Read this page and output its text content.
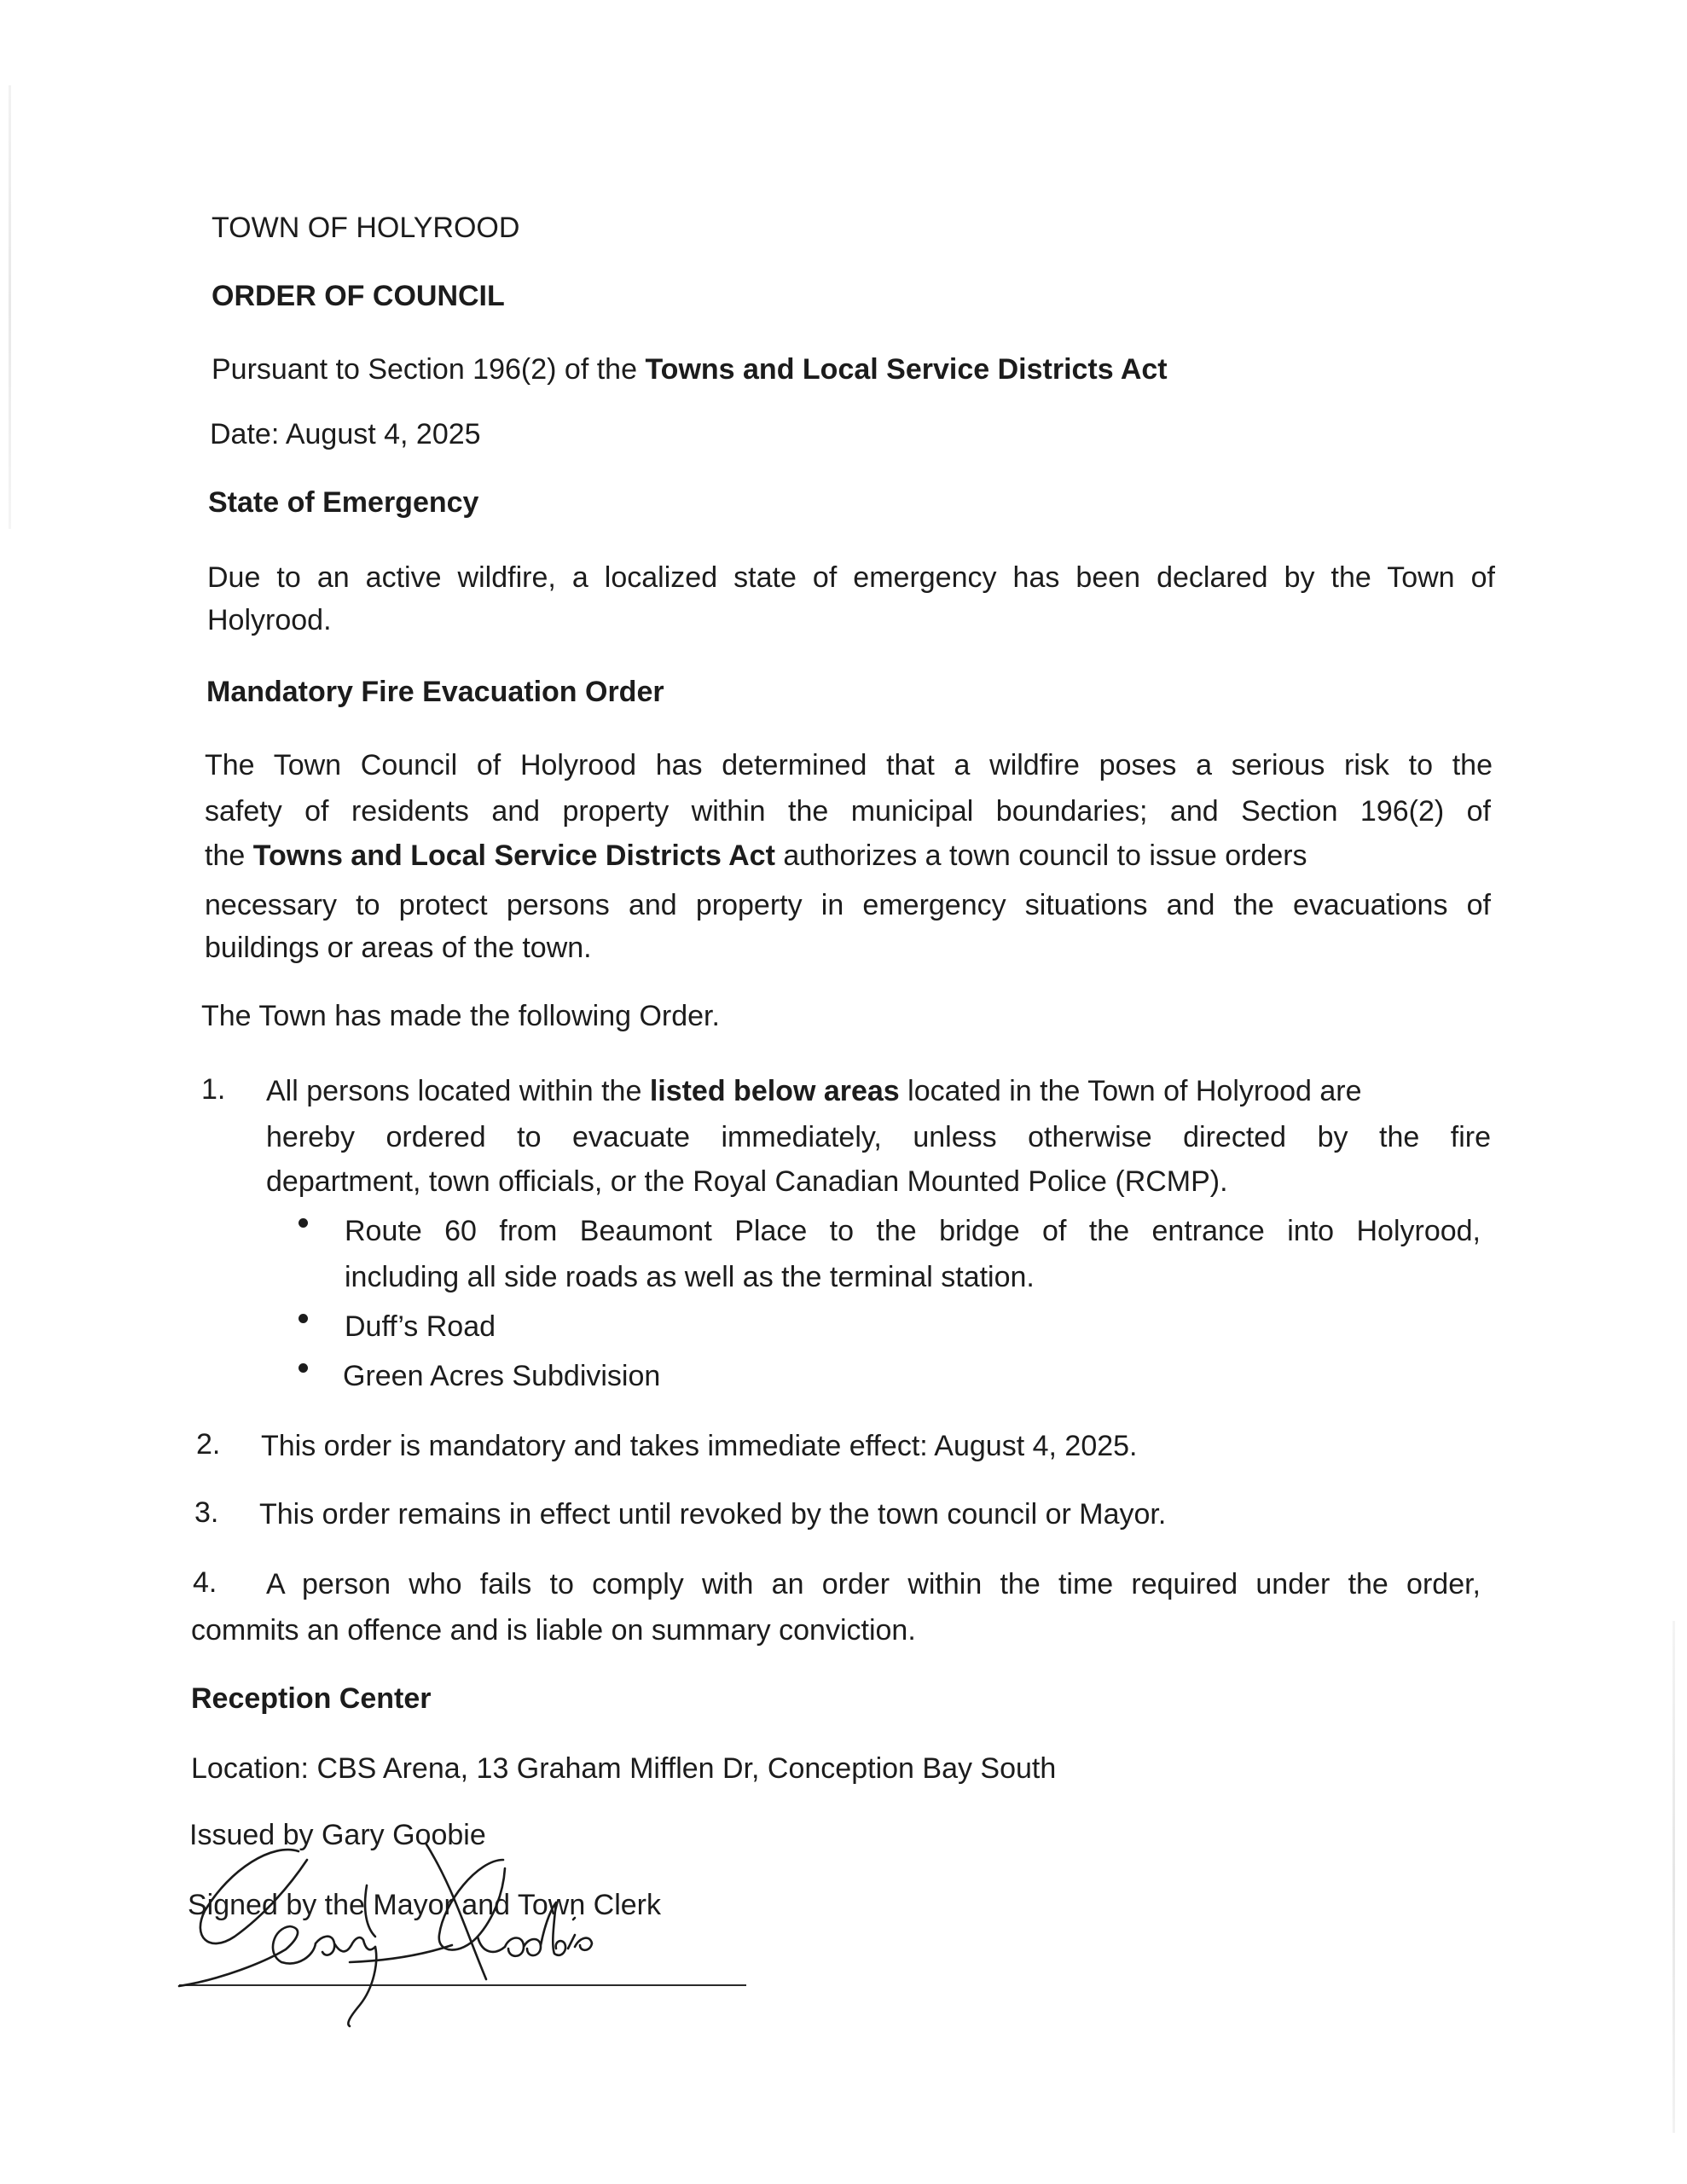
TOWN OF HOLYROOD

ORDER OF COUNCIL

Pursuant to Section 196(2) of the Towns and Local Service Districts Act

Date: August 4, 2025

State of Emergency

Due to an active wildfire, a localized state of emergency has been declared by the Town of

Holyrood.

Mandatory Fire Evacuation Order

The Town Council of Holyrood has determined that a wildfire poses a serious risk to the

safety of residents and property within the municipal boundaries; and Section 196(2) of

the Towns and Local Service Districts Act authorizes a town council to issue orders

necessary to protect persons and property in emergency situations and the evacuations of

buildings or areas of the town.

The Town has made the following Order.

1. All persons located within the listed below areas located in the Town of Holyrood are

hereby ordered to evacuate immediately, unless otherwise directed by the fire

department, town officials, or the Royal Canadian Mounted Police (RCMP).

Route 60 from Beaumont Place to the bridge of the entrance into Holyrood,

including all side roads as well as the terminal station.

Duff’s Road

Green Acres Subdivision

2. This order is mandatory and takes immediate effect: August 4, 2025.

3. This order remains in effect until revoked by the town council or Mayor.

4. A person who fails to comply with an order within the time required under the order,

commits an offence and is liable on summary conviction.

Reception Center

Location: CBS Arena, 13 Graham Mifflen Dr, Conception Bay South

Issued by Gary Goobie

Signed by the Mayor and Town Clerk
